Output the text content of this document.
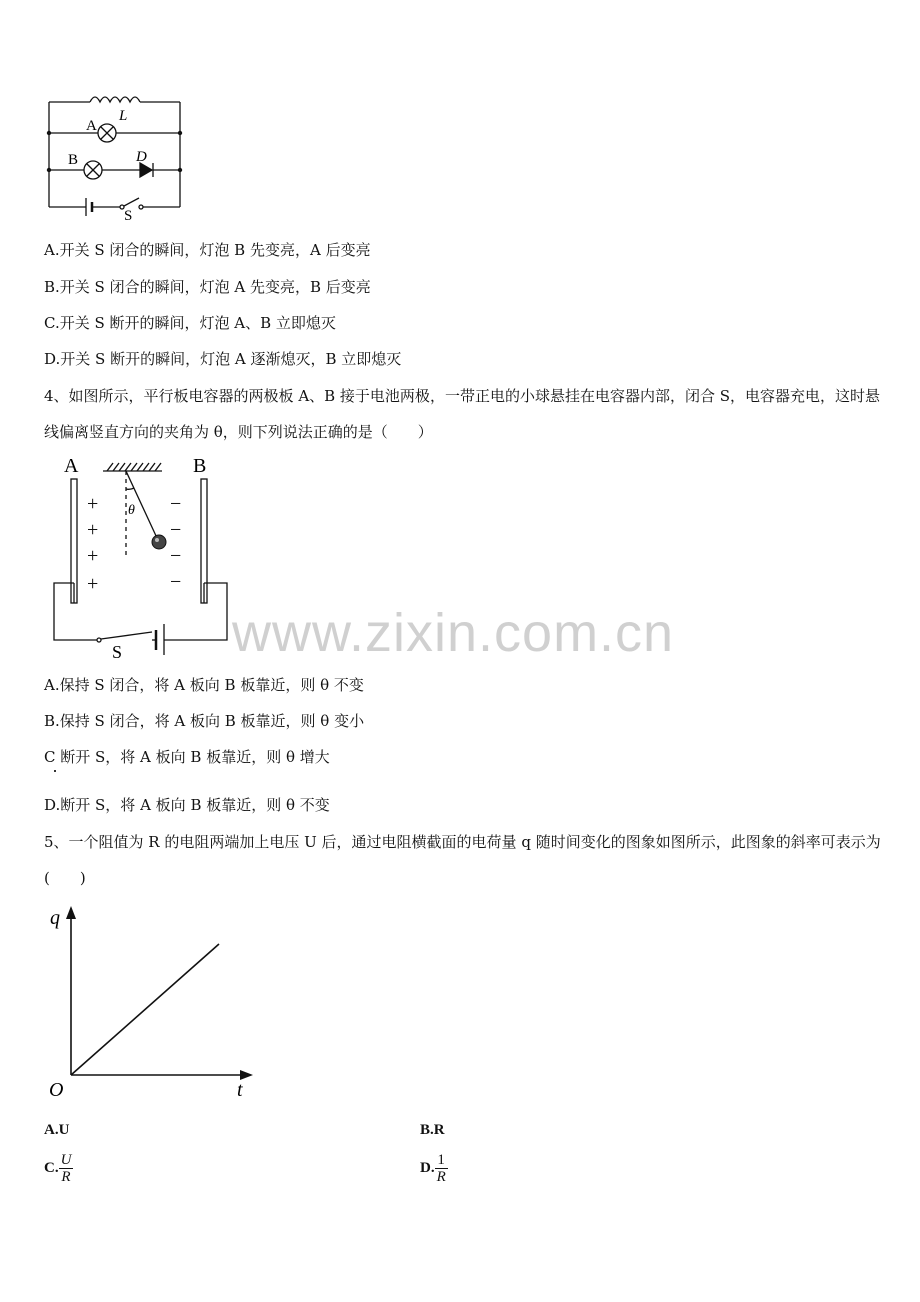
A
L
B	D
S
A.开关 S 闭合的瞬间，灯泡 B 先变亮，A 后变亮
B.开关 S 闭合的瞬间，灯泡 A 先变亮，B 后变亮
C.开关 S 断开的瞬间，灯泡 A、B 立即熄灭
D.开关 S 断开的瞬间，灯泡 A 逐渐熄灭，B 立即熄灭
4、如图所示，平行板电容器的两极板 A、B 接于电池两极，一带正电的小球悬挂在电容器内部，闭合 S，电容器充电，这时悬线偏离竖直方向的夹角为 θ，则下列说法正确的是（　　）
A	B
θ
S
+
+
+
+
−
−
−
−
www.zixin.com.cn
A.保持 S 闭合，将 A 板向 B 板靠近，则 θ 不变
B.保持 S 闭合，将 A 板向 B 板靠近，则 θ 变小
C 断开 S，将 A 板向 B 板靠近，则 θ 增大
D.断开 S，将 A 板向 B 板靠近，则 θ 不变
5、一个阻值为 R 的电阻两端加上电压 U 后，通过电阻横截面的电荷量 q 随时间变化的图象如图所示，此图象的斜率可表示为(　　)
q
t
O
A.U	B.R
C. $\frac{U}{R}$	D. $\frac{1}{R}$
